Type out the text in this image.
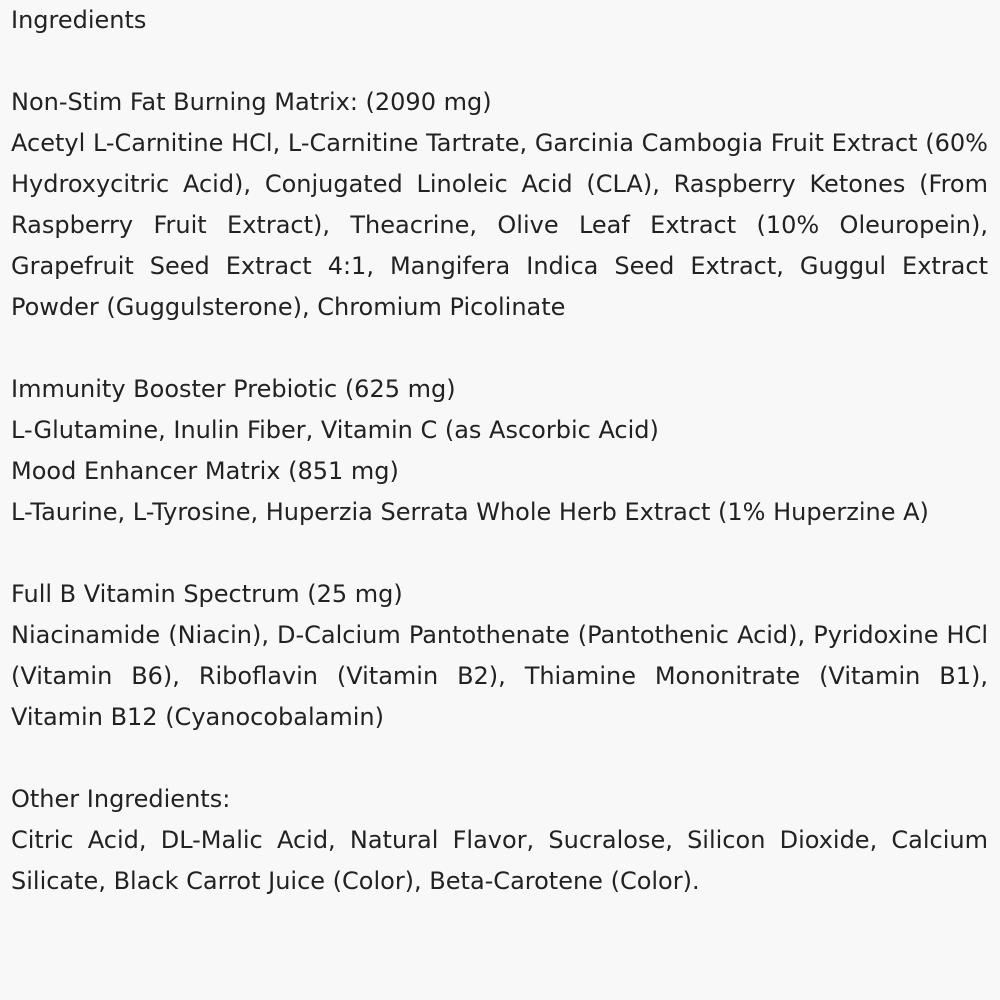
Ingredients
Non-Stim Fat Burning Matrix: (2090 mg)
Acetyl L-Carnitine HCl, L-Carnitine Tartrate, Garcinia Cambogia Fruit Extract (60% Hydroxycitric Acid), Conjugated Linoleic Acid (CLA), Raspberry Ketones (From Raspberry Fruit Extract), Theacrine, Olive Leaf Extract (10% Oleuropein), Grapefruit Seed Extract 4:1, Mangifera Indica Seed Extract, Guggul Extract Powder (Guggulsterone), Chromium Picolinate
Immunity Booster Prebiotic (625 mg)
L-Glutamine, Inulin Fiber, Vitamin C (as Ascorbic Acid)
Mood Enhancer Matrix (851 mg)
L-Taurine, L-Tyrosine, Huperzia Serrata Whole Herb Extract (1% Huperzine A)
Full B Vitamin Spectrum (25 mg)
Niacinamide (Niacin), D-Calcium Pantothenate (Pantothenic Acid), Pyridoxine HCl (Vitamin B6), Riboflavin (Vitamin B2), Thiamine Mononitrate (Vitamin B1), Vitamin B12 (Cyanocobalamin)
Other Ingredients:
Citric Acid, DL-Malic Acid, Natural Flavor, Sucralose, Silicon Dioxide, Calcium Silicate, Black Carrot Juice (Color), Beta-Carotene (Color).
